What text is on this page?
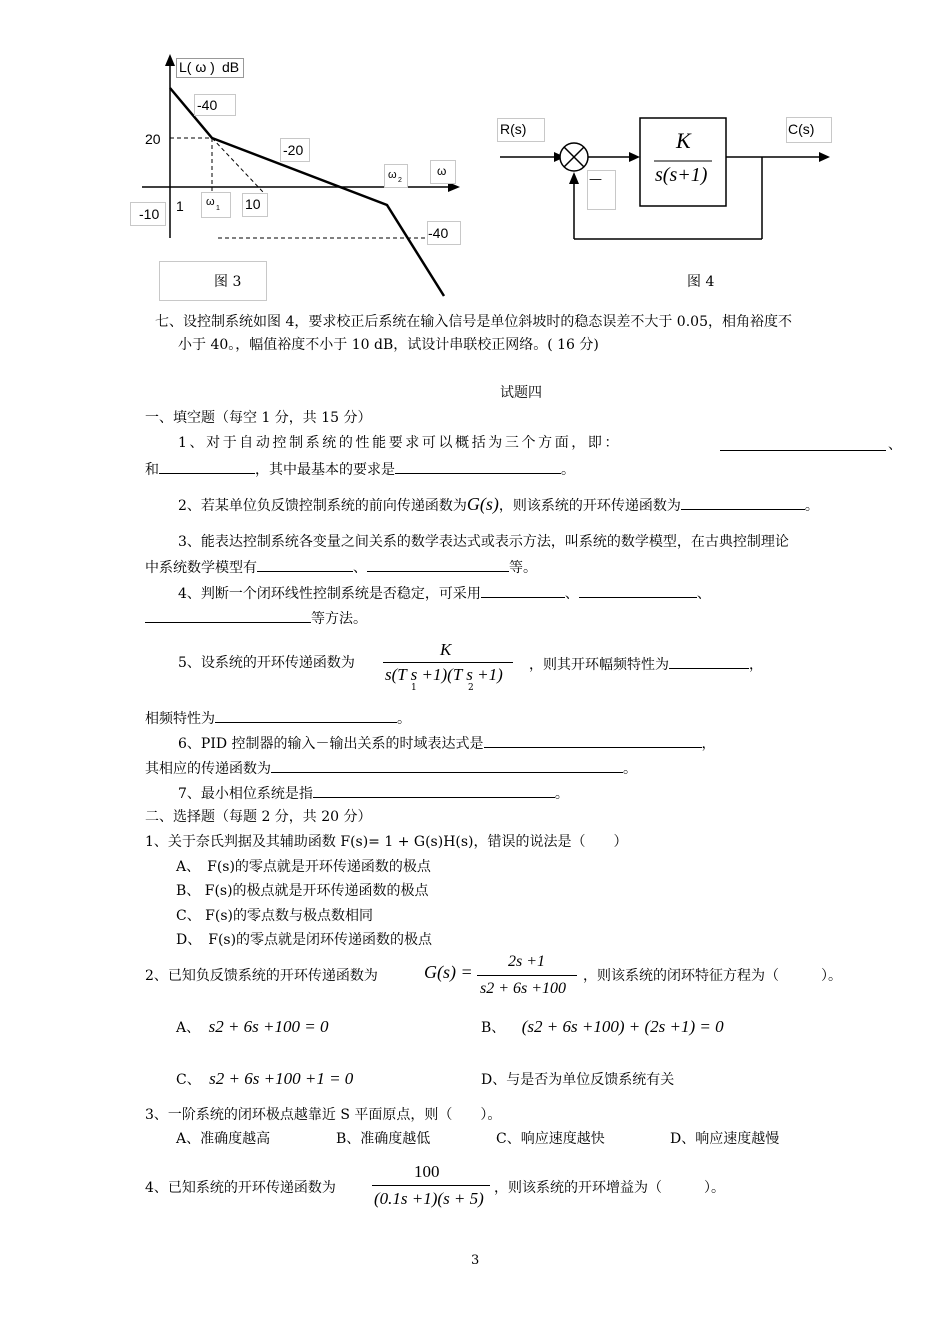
L( ω ) dB
-40
20
-20
ω 2
ω
-10 1 ω
1 10
-40
图 3
R(s)	C(s)
K
s(s+1)
—
图 4
七、设控制系统如图 4，要求校正后系统在输入信号是单位斜坡时的稳态误差不大于 0.05，相角裕度不
小于 40。，幅值裕度不小于 10 dB，试设计串联校正网络。( 16 分)
试题四
一、填空题（每空 1 分，共 15 分）
1、对于自动控制系统的性能要求可以概括为三个方面，即：	、
和	，其中最基本的要求是	。
2、若某单位负反馈控制系统的前向传递函数为G(s)，则该系统的开环传递函数为	。
3、能表达控制系统各变量之间关系的数学表达式或表示方法，叫系统的数学模型，在古典控制理论
中系统数学模型有	、	等。
4、判断一个闭环线性控制系统是否稳定，可采用	、	、
等方法。
5、设系统的开环传递函数为
K
s(T s +1)(T s +1)
1	2
，则其开环幅频特性为	，
相频特性为	。
6、PID 控制器的输入－输出关系的时域表达式是	，
其相应的传递函数为	。
7、最小相位系统是指	。
二、选择题（每题 2 分，共 20 分）
1、关于奈氏判据及其辅助函数 F(s)= 1 + G(s)H(s)，错误的说法是（　　）
A、　F(s)的零点就是开环传递函数的极点
B、 F(s)的极点就是开环传递函数的极点
C、 F(s)的零点数与极点数相同
D、　F(s)的零点就是闭环传递函数的极点
2、已知负反馈系统的开环传递函数为	G(s) =
2s +1
s2 + 6s +100
，则该系统的闭环特征方程为（　　　）。
A、 s2 + 6s +100 = 0	B、 (s2 + 6s +100) + (2s +1) = 0
C、 s2 + 6s +100 +1 = 0	D、与是否为单位反馈系统有关
3、一阶系统的闭环极点越靠近 S 平面原点，则（　　）。
A、准确度越高	B、准确度越低	C、响应速度越快	D、响应速度越慢
4、已知系统的开环传递函数为
100
(0.1s +1)(s + 5)
，则该系统的开环增益为（　　　）。
3
